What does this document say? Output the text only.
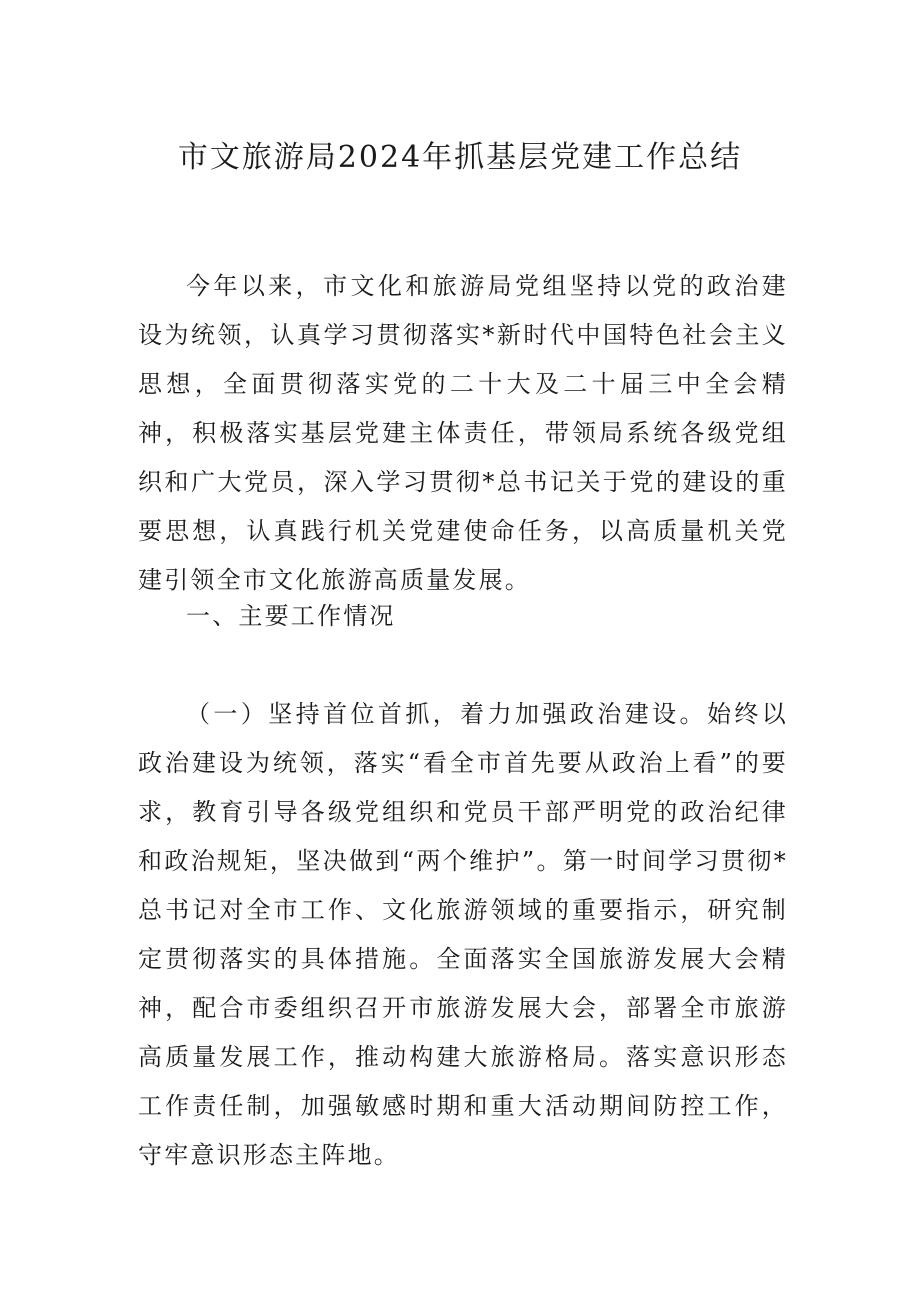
市文旅游局2024年抓基层党建工作总结

今年以来，市文化和旅游局党组坚持以党的政治建设为统领，认真学习贯彻落实*新时代中国特色社会主义思想，全面贯彻落实党的二十大及二十届三中全会精神，积极落实基层党建主体责任，带领局系统各级党组织和广大党员，深入学习贯彻*总书记关于党的建设的重要思想，认真践行机关党建使命任务，以高质量机关党建引领全市文化旅游高质量发展。

一、主要工作情况

（一）坚持首位首抓，着力加强政治建设。始终以政治建设为统领，落实“看全市首先要从政治上看”的要求，教育引导各级党组织和党员干部严明党的政治纪律和政治规矩，坚决做到“两个维护”。第一时间学习贯彻*总书记对全市工作、文化旅游领域的重要指示，研究制定贯彻落实的具体措施。全面落实全国旅游发展大会精神，配合市委组织召开市旅游发展大会，部署全市旅游高质量发展工作，推动构建大旅游格局。落实意识形态工作责任制，加强敏感时期和重大活动期间防控工作，守牢意识形态主阵地。
